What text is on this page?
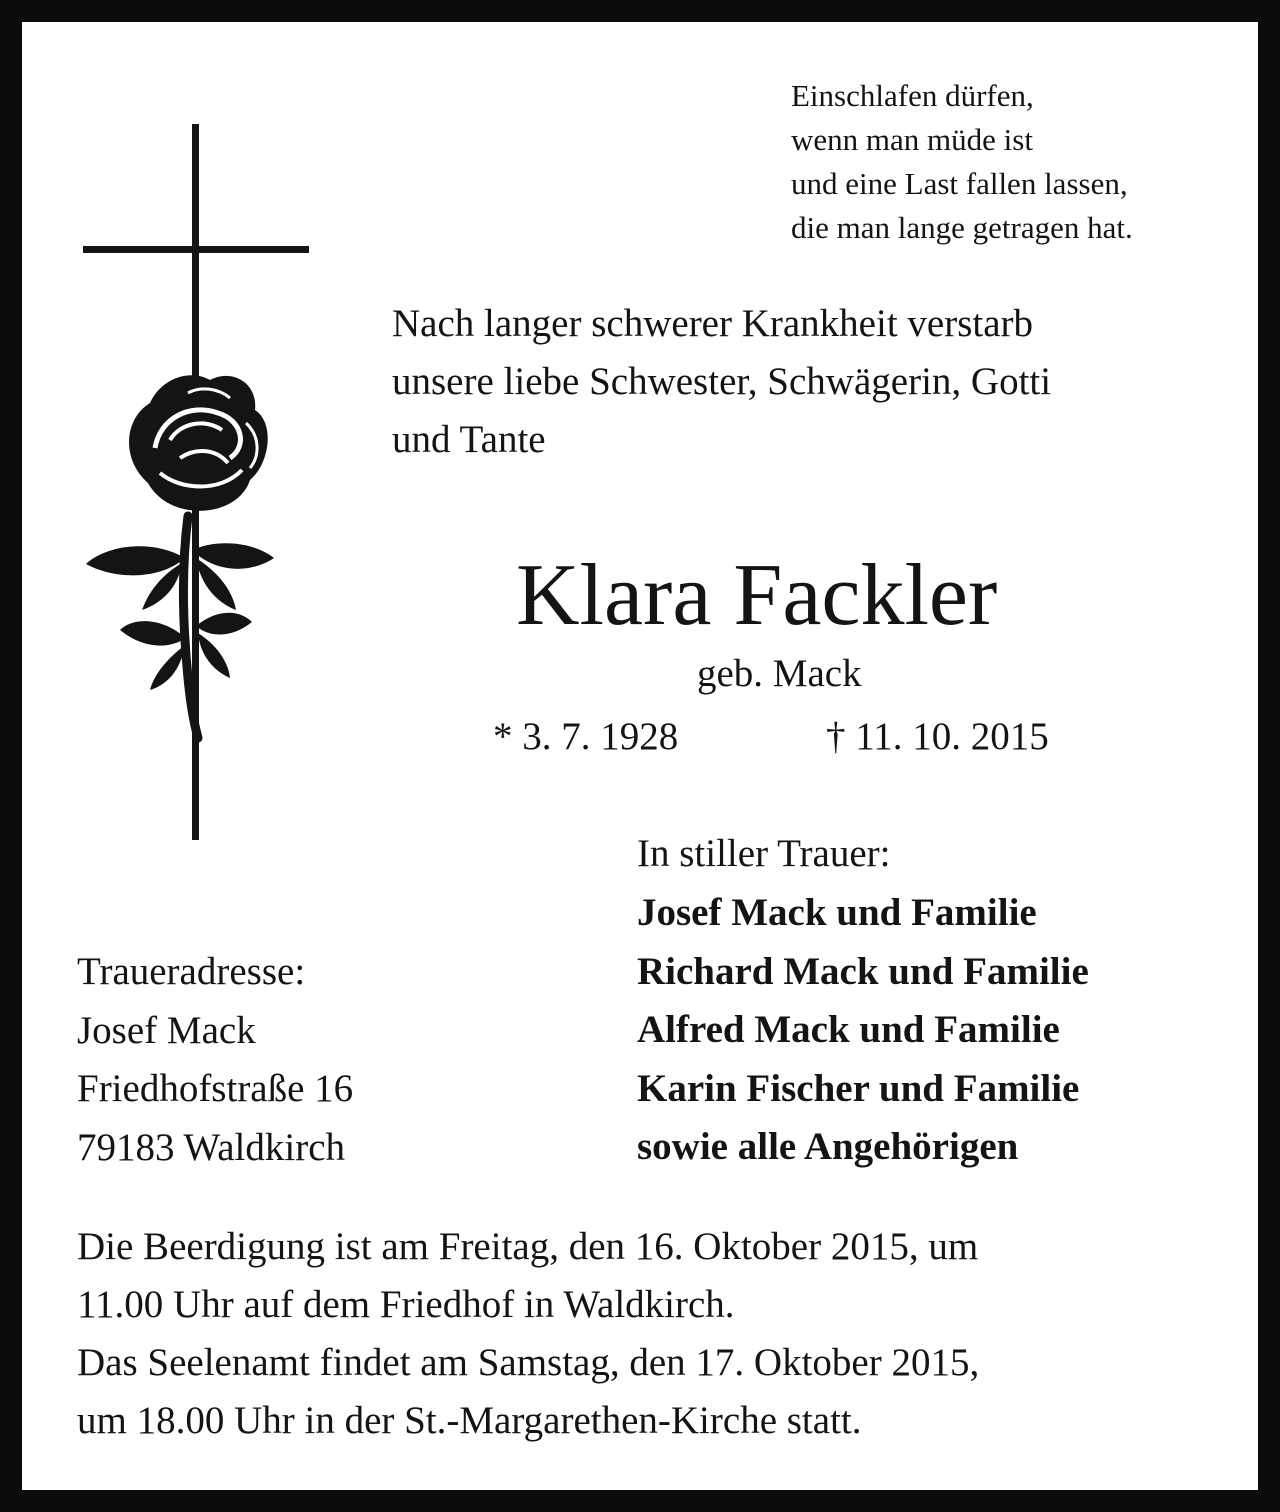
Einschlafen dürfen,
wenn man müde ist
und eine Last fallen lassen,
die man lange getragen hat.
Nach langer schwerer Krankheit verstarb
unsere liebe Schwester, Schwägerin, Gotti
und Tante
Klara Fackler
geb. Mack
* 3. 7. 1928	† 11. 10. 2015
In stiller Trauer:
Josef Mack und Familie
Richard Mack und Familie
Alfred Mack und Familie
Karin Fischer und Familie
sowie alle Angehörigen
Traueradresse:
Josef Mack
Friedhofstraße 16
79183 Waldkirch
Die Beerdigung ist am Freitag, den 16. Oktober 2015, um
11.00 Uhr auf dem Friedhof in Waldkirch.
Das Seelenamt findet am Samstag, den 17. Oktober 2015,
um 18.00 Uhr in der St.-Margarethen-Kirche statt.
